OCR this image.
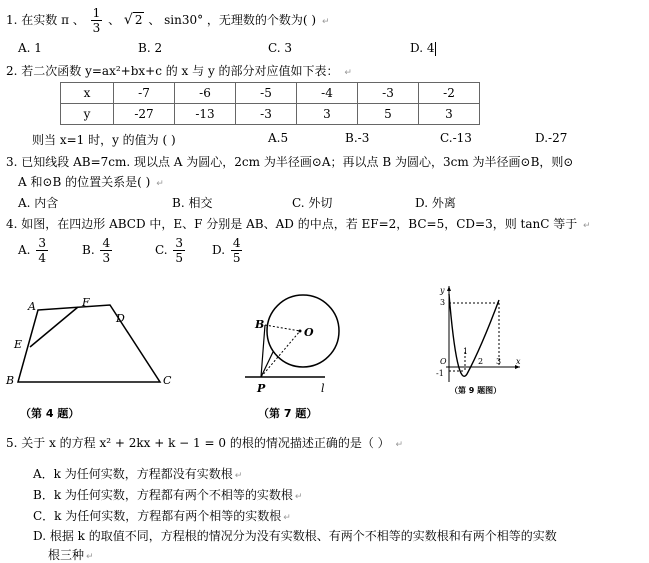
1. 在实数 π 、 $\frac{1}{3}$ 、 √ 2 、 sin30° ，无理数的个数为( ) ↵
A. 1	B. 2	C. 3	D. 4
2. 若二次函数 y=ax²+bx+c 的 x 与 y 的部分对应值如下表： ↵
x	-7	-6	-5	-4	-3	-2
y	-27	-13	-3	3	5	3
则当 x=1 时，y 的值为 ( )	A.5	B.-3	C.-13	D.-27
3. 已知线段 AB=7cm. 现以点 A 为圆心，2cm 为半径画⊙A；再以点 B 为圆心，3cm 为半径画⊙B，则⊙
A 和⊙B 的位置关系是( ) ↵
A. 内含	B. 相交	C. 外切	D. 外离
4. 如图，在四边形 ABCD 中，E、F 分别是 AB、AD 的中点，若 EF=2，BC=5，CD=3，则 tanC 等于 ↵
A. $\frac{3}{4}$	B. $\frac{4}{3}$	C. $\frac{3}{5} D$. $\frac{4}{5}$
A	F
D
E
B	C
（第 4 题）
B
O
P	l
（第 7 题）
y
3
O
-1
1
2 3 x
（第 9 题图）
5. 关于 x 的方程 x² + 2kx + k − 1 = 0 的根的情况描述正确的是（ ） ↵
A．k 为任何实数，方程都没有实数根 ↵
B．k 为任何实数，方程都有两个不相等的实数根 ↵
C．k 为任何实数，方程都有两个相等的实数根 ↵
D. 根据 k 的取值不同，方程根的情况分为没有实数根、有两个不相等的实数根和有两个相等的实数
根三种 ↵
